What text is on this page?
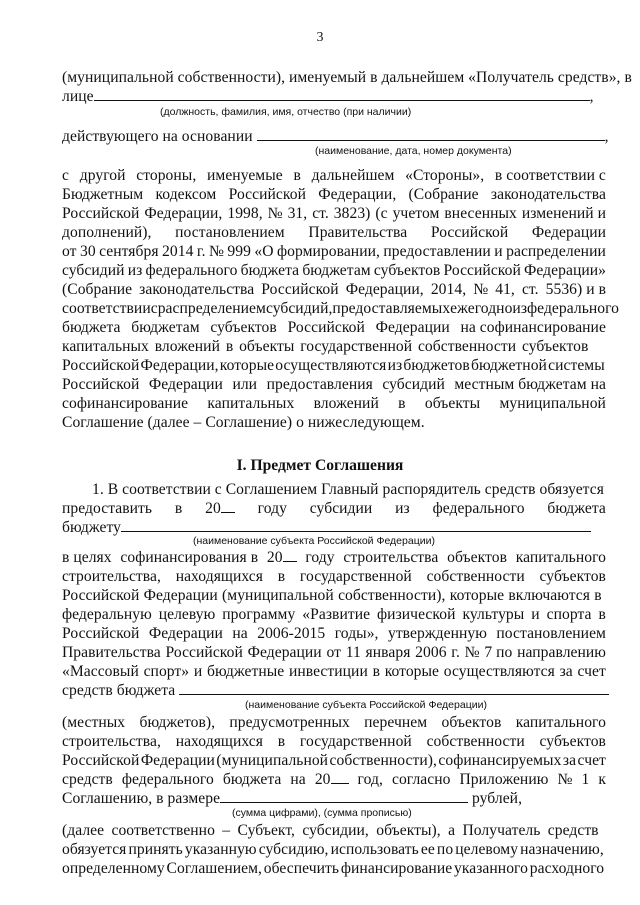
3
(муниципальной собственности), именуемый в дальнейшем «Получатель средств», в
лице	,
(должность, фамилия, имя, отчество (при наличии)
действующего на основании	,
(наименование, дата, номер документа)
с другой стороны, именуемые в дальнейшем «Стороны», в соответствии с
Бюджетным кодексом Российской Федерации, (Собрание законодательства
Российской Федерации, 1998, № 31, ст. 3823) (с учетом внесенных изменений и
дополнений), постановлением Правительства Российской Федерации
от 30 сентября 2014 г. № 999 «О формировании, предоставлении и распределении
субсидий из федерального бюджета бюджетам субъектов Российской Федерации»
(Собрание законодательства Российской Федерации, 2014, № 41, ст. 5536) и в
соответствии с распределением субсидий, предоставляемых ежегодно из федерального
бюджета бюджетам субъектов Российской Федерации на софинансирование
капитальных вложений в объекты государственной собственности субъектов
Российской Федерации, которые осуществляются из бюджетов бюджетной системы
Российской Федерации или предоставления субсидий местным бюджетам на
софинансирование капитальных вложений в объекты муниципальной
Соглашение (далее – Соглашение) о нижеследующем.
I. Предмет Соглашения
1. В соответствии с Соглашением Главный распорядитель средств обязуется
предоставить в 20	году субсидии из федерального бюджета
бюджету
(наименование субъекта Российской Федерации)
в целях софинансирования в 20	году строительства объектов капитального
строительства, находящихся в государственной собственности субъектов
Российской Федерации (муниципальной собственности), которые включаются в
федеральную целевую программу «Развитие физической культуры и спорта в
Российской Федерации на 2006-2015 годы», утвержденную постановлением
Правительства Российской Федерации от 11 января 2006 г. № 7 по направлению
«Массовый спорт» и бюджетные инвестиции в которые осуществляются за счет
средств бюджета
(наименование субъекта Российской Федерации)
(местных бюджетов), предусмотренных перечнем объектов капитального
строительства, находящихся в государственной собственности субъектов
Российской Федерации (муниципальной собственности), софинансируемых за счет
средств федерального бюджета на 20	год, согласно Приложению № 1 к
Соглашению, в размере	рублей,
(сумма цифрами), (сумма прописью)
(далее соответственно – Субъект, субсидии, объекты), а Получатель средств
обязуется принять указанную субсидию, использовать ее по целевому назначению,
определенному Соглашением, обеспечить финансирование указанного расходного
